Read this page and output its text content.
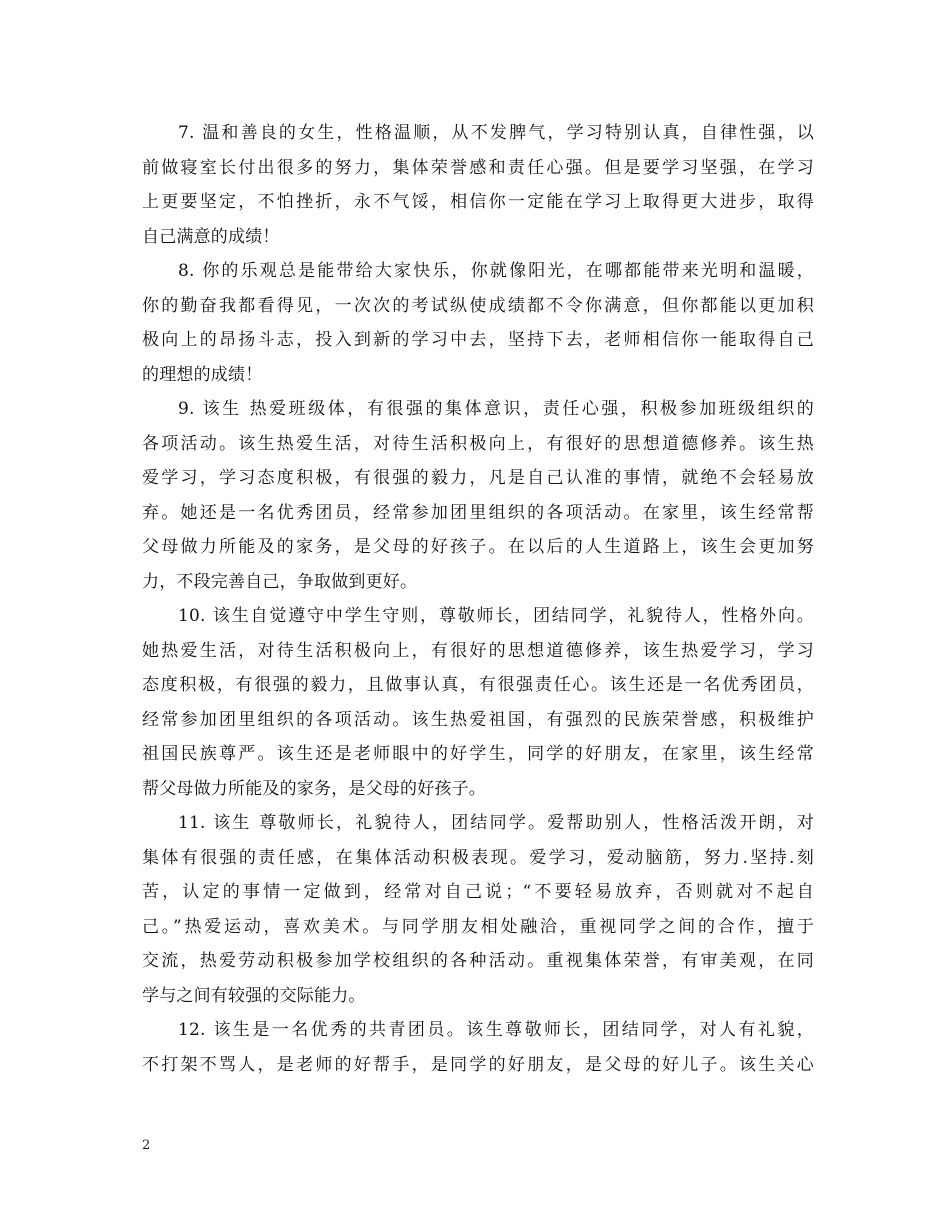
7. 温和善良的女生，性格温顺，从不发脾气，学习特别认真，自律性强，以
前做寝室长付出很多的努力，集体荣誉感和责任心强。但是要学习坚强，在学习
上更要坚定，不怕挫折，永不气馁，相信你一定能在学习上取得更大进步，取得
自己满意的成绩！
8. 你的乐观总是能带给大家快乐，你就像阳光，在哪都能带来光明和温暖，
你的勤奋我都看得见，一次次的考试纵使成绩都不令你满意，但你都能以更加积
极向上的昂扬斗志，投入到新的学习中去，坚持下去，老师相信你一能取得自己
的理想的成绩！
9. 该生 热爱班级体，有很强的集体意识，责任心强，积极参加班级组织的
各项活动。该生热爱生活，对待生活积极向上，有很好的思想道德修养。该生热
爱学习，学习态度积极，有很强的毅力，凡是自己认准的事情，就绝不会轻易放
弃。她还是一名优秀团员，经常参加团里组织的各项活动。在家里，该生经常帮
父母做力所能及的家务，是父母的好孩子。在以后的人生道路上，该生会更加努
力，不段完善自己，争取做到更好。
10. 该生自觉遵守中学生守则，尊敬师长，团结同学，礼貌待人，性格外向。
她热爱生活，对待生活积极向上，有很好的思想道德修养，该生热爱学习，学习
态度积极，有很强的毅力，且做事认真，有很强责任心。该生还是一名优秀团员，
经常参加团里组织的各项活动。该生热爱祖国，有强烈的民族荣誉感，积极维护
祖国民族尊严。该生还是老师眼中的好学生，同学的好朋友，在家里，该生经常
帮父母做力所能及的家务，是父母的好孩子。
11. 该生 尊敬师长，礼貌待人，团结同学。爱帮助别人，性格活泼开朗，对
集体有很强的责任感，在集体活动积极表现。爱学习，爱动脑筋，努力.坚持.刻
苦，认定的事情一定做到，经常对自己说；“不要轻易放弃，否则就对不起自
己。”热爱运动，喜欢美术。与同学朋友相处融洽，重视同学之间的合作，擅于
交流，热爱劳动积极参加学校组织的各种活动。重视集体荣誉，有审美观，在同
学与之间有较强的交际能力。
12. 该生是一名优秀的共青团员。该生尊敬师长，团结同学，对人有礼貌，
不打架不骂人，是老师的好帮手，是同学的好朋友，是父母的好儿子。该生关心
2
